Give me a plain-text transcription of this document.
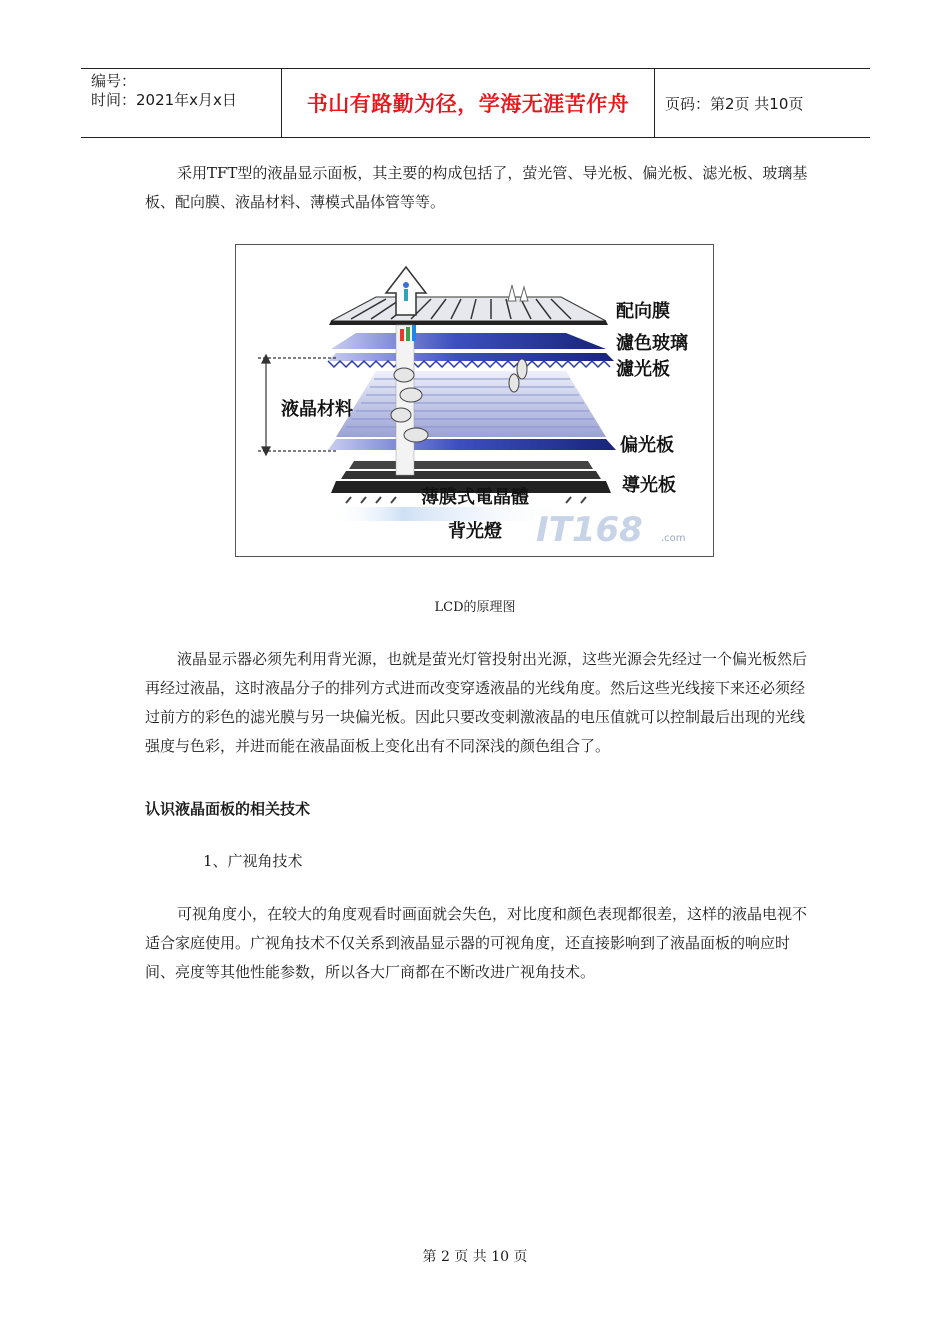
编号：
时间：2021年x月x日	书山有路勤为径，学海无涯苦作舟	页码：第2页 共10页

采用TFT型的液晶显示面板，其主要的构成包括了，萤光管、导光板、偏光板、滤光板、玻璃基板、配向膜、液晶材料、薄模式晶体管等等。

IT168 .com
配向膜
濾色玻璃
濾光板
液晶材料
偏光板
導光板
薄膜式電晶體
背光燈
LCD的原理图

液晶显示器必须先利用背光源，也就是萤光灯管投射出光源，这些光源会先经过一个偏光板然后再经过液晶，这时液晶分子的排列方式进而改变穿透液晶的光线角度。然后这些光线接下来还必须经过前方的彩色的滤光膜与另一块偏光板。因此只要改变刺激液晶的电压值就可以控制最后出现的光线强度与色彩，并进而能在液晶面板上变化出有不同深浅的颜色组合了。

认识液晶面板的相关技术
1、广视角技术

可视角度小，在较大的角度观看时画面就会失色，对比度和颜色表现都很差，这样的液晶电视不适合家庭使用。广视角技术不仅关系到液晶显示器的可视角度，还直接影响到了液晶面板的响应时间、亮度等其他性能参数，所以各大厂商都在不断改进广视角技术。

第 2 页 共 10 页
